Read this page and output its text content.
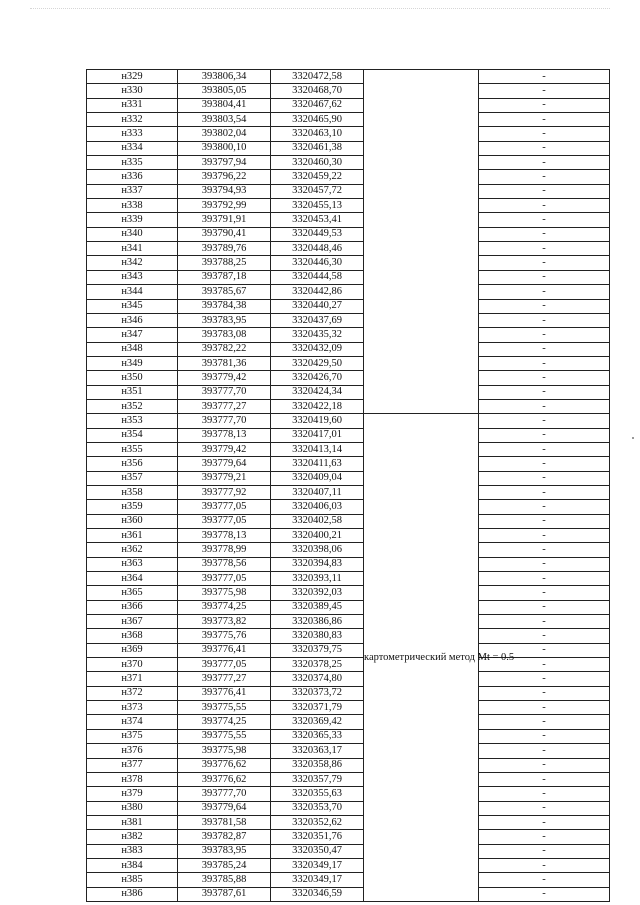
н329	393806,34	3320472,58		-
н330	393805,05	3320468,70		-
н331	393804,41	3320467,62		-
н332	393803,54	3320465,90		-
н333	393802,04	3320463,10		-
н334	393800,10	3320461,38		-
н335	393797,94	3320460,30		-
н336	393796,22	3320459,22		-
н337	393794,93	3320457,72		-
н338	393792,99	3320455,13		-
н339	393791,91	3320453,41		-
н340	393790,41	3320449,53		-
н341	393789,76	3320448,46		-
н342	393788,25	3320446,30		-
н343	393787,18	3320444,58		-
н344	393785,67	3320442,86		-
н345	393784,38	3320440,27		-
н346	393783,95	3320437,69		-
н347	393783,08	3320435,32		-
н348	393782,22	3320432,09		-
н349	393781,36	3320429,50		-
н350	393779,42	3320426,70		-
н351	393777,70	3320424,34		-
н352	393777,27	3320422,18		-
н353	393777,70	3320419,60	картометрический метод Mt = 0.5	-
н354	393778,13	3320417,01		-
н355	393779,42	3320413,14		-
н356	393779,64	3320411,63		-
н357	393779,21	3320409,04		-
н358	393777,92	3320407,11		-
н359	393777,05	3320406,03		-
н360	393777,05	3320402,58		-
н361	393778,13	3320400,21		-
н362	393778,99	3320398,06		-
н363	393778,56	3320394,83		-
н364	393777,05	3320393,11		-
н365	393775,98	3320392,03		-
н366	393774,25	3320389,45		-
н367	393773,82	3320386,86		-
н368	393775,76	3320380,83		-
н369	393776,41	3320379,75		-
н370	393777,05	3320378,25		-
н371	393777,27	3320374,80		-
н372	393776,41	3320373,72		-
н373	393775,55	3320371,79		-
н374	393774,25	3320369,42		-
н375	393775,55	3320365,33		-
н376	393775,98	3320363,17		-
н377	393776,62	3320358,86		-
н378	393776,62	3320357,79		-
н379	393777,70	3320355,63		-
н380	393779,64	3320353,70		-
н381	393781,58	3320352,62		-
н382	393782,87	3320351,76		-
н383	393783,95	3320350,47		-
н384	393785,24	3320349,17		-
н385	393785,88	3320349,17		-
н386	393787,61	3320346,59		-
